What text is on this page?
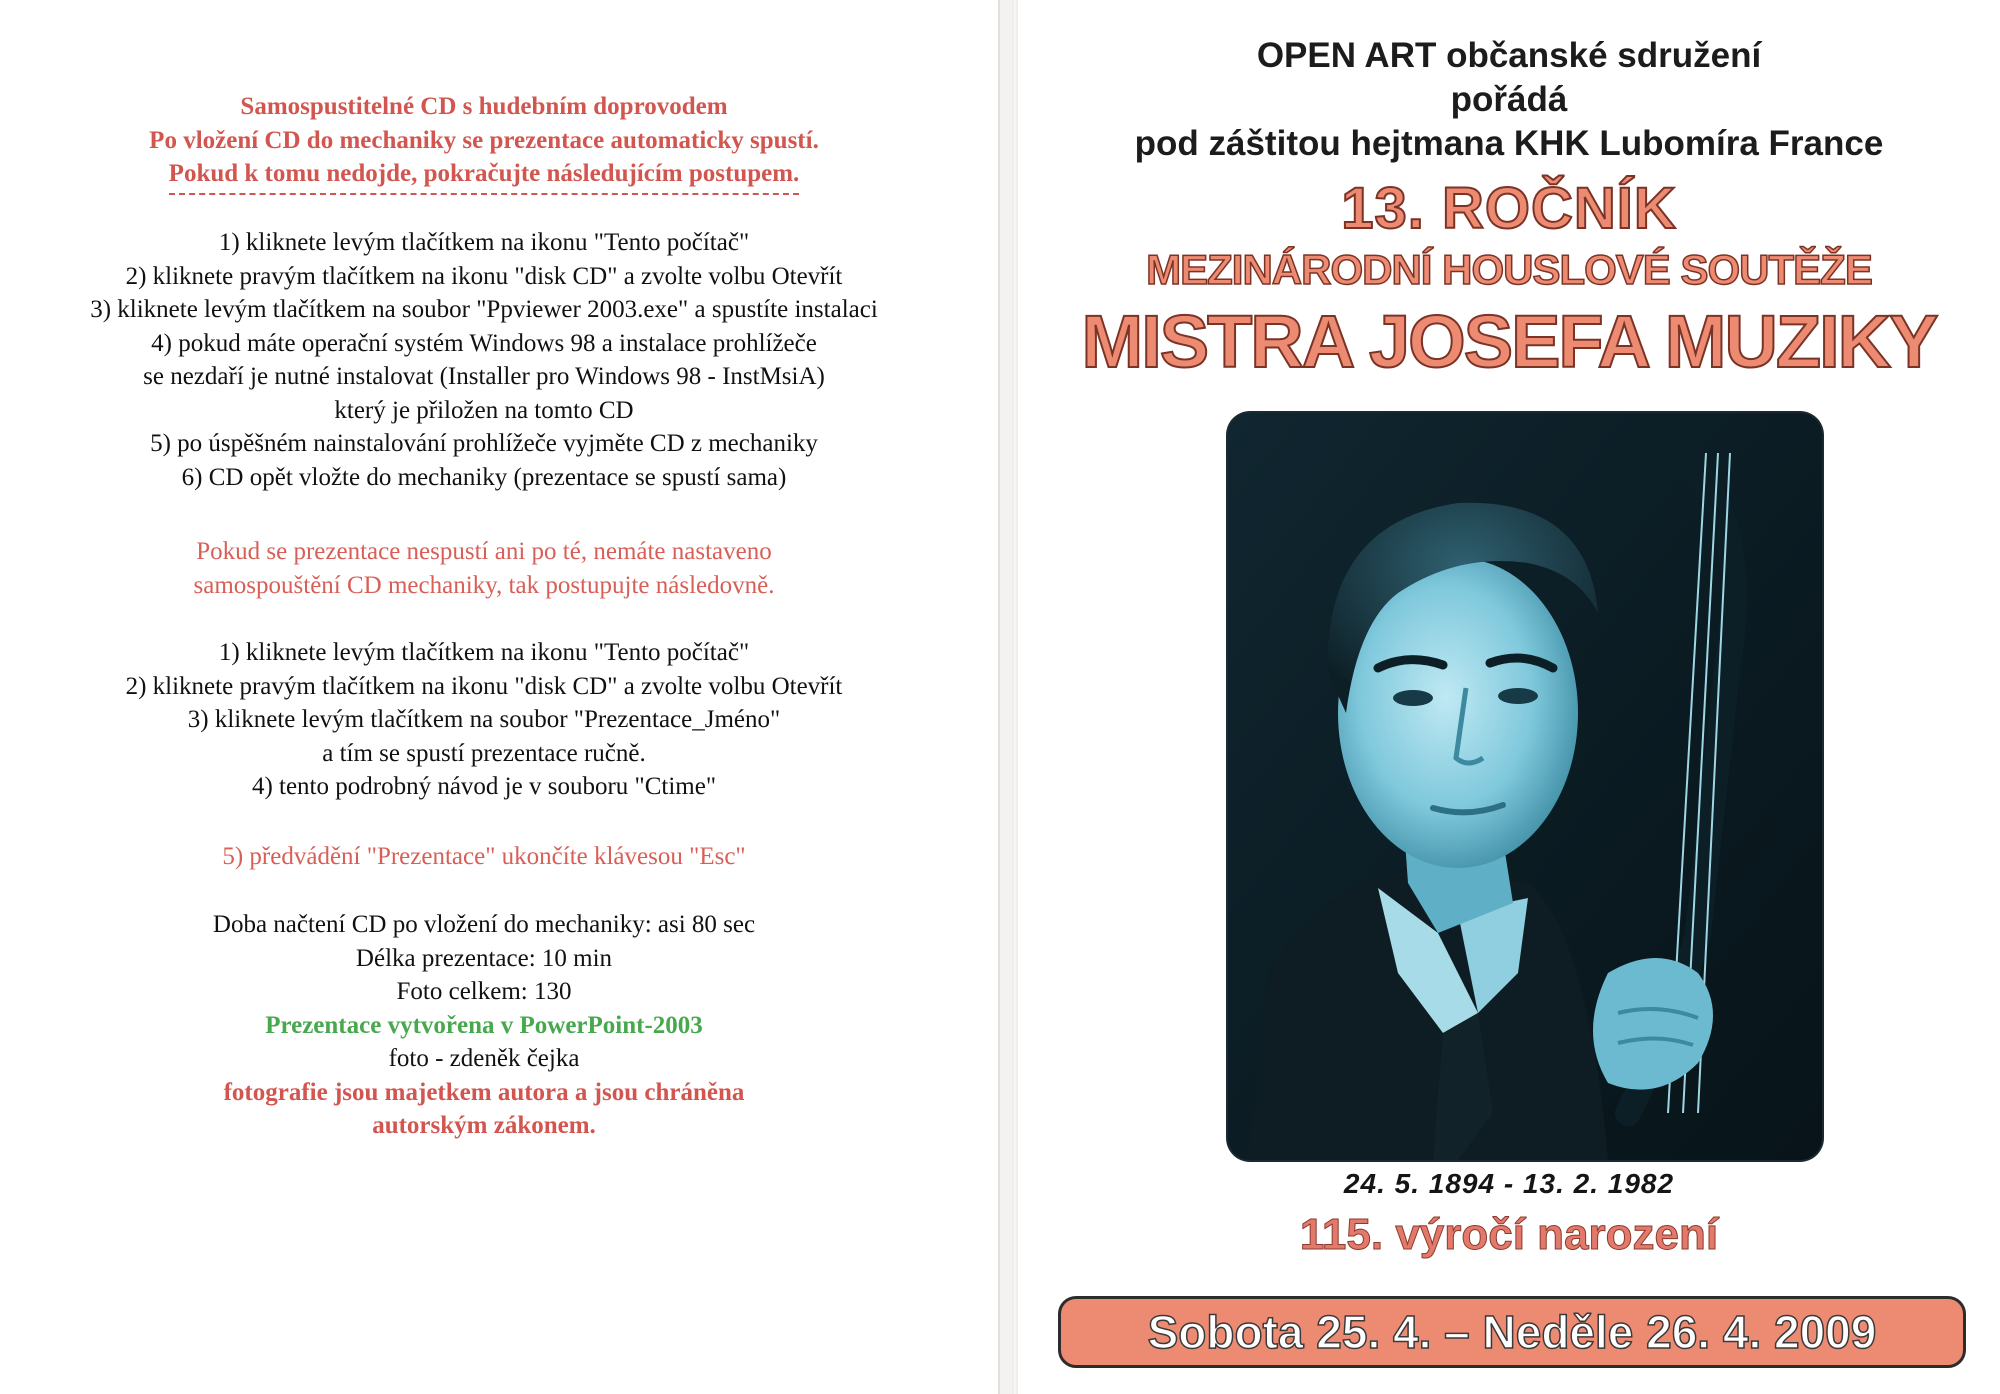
Samospustitelné CD s hudebním doprovodem
Po vložení CD do mechaniky se prezentace automaticky spustí.
Pokud k tomu nedojde, pokračujte následujícím postupem.
1) kliknete levým tlačítkem na ikonu "Tento počítač"
2) kliknete pravým tlačítkem na ikonu "disk CD" a zvolte volbu Otevřít
3) kliknete levým tlačítkem na soubor "Ppviewer 2003.exe" a spustíte instalaci
4) pokud máte operační systém Windows 98 a instalace prohlížeče
se nezdaří je nutné instalovat (Installer pro Windows 98 - InstMsiA)
který je přiložen na tomto CD
5) po úspěšném nainstalování prohlížeče vyjměte CD z mechaniky
6) CD opět vložte do mechaniky (prezentace se spustí sama)
Pokud se prezentace nespustí ani po té, nemáte nastaveno
samospouštění CD mechaniky, tak postupujte následovně.
1) kliknete levým tlačítkem na ikonu "Tento počítač"
2) kliknete pravým tlačítkem na ikonu "disk CD" a zvolte volbu Otevřít
3) kliknete levým tlačítkem na soubor "Prezentace_Jméno"
a tím se spustí prezentace ručně.
4) tento podrobný návod je v souboru "Ctime"
5) předvádění "Prezentace" ukončíte klávesou "Esc"
Doba načtení CD po vložení do mechaniky: asi 80 sec
Délka prezentace: 10 min
Foto celkem: 130
Prezentace vytvořena v PowerPoint-2003
foto - zdeněk čejka
fotografie jsou majetkem autora a jsou chráněna
autorským zákonem.
OPEN ART občanské sdružení
pořádá
pod záštitou hejtmana KHK Lubomíra France
13. ROČNÍK
MEZINÁRODNÍ HOUSLOVÉ SOUTĚŽE
MISTRA JOSEFA MUZIKY
24. 5. 1894 - 13. 2. 1982
115. výročí narození
Sobota 25. 4. – Neděle 26. 4. 2009
